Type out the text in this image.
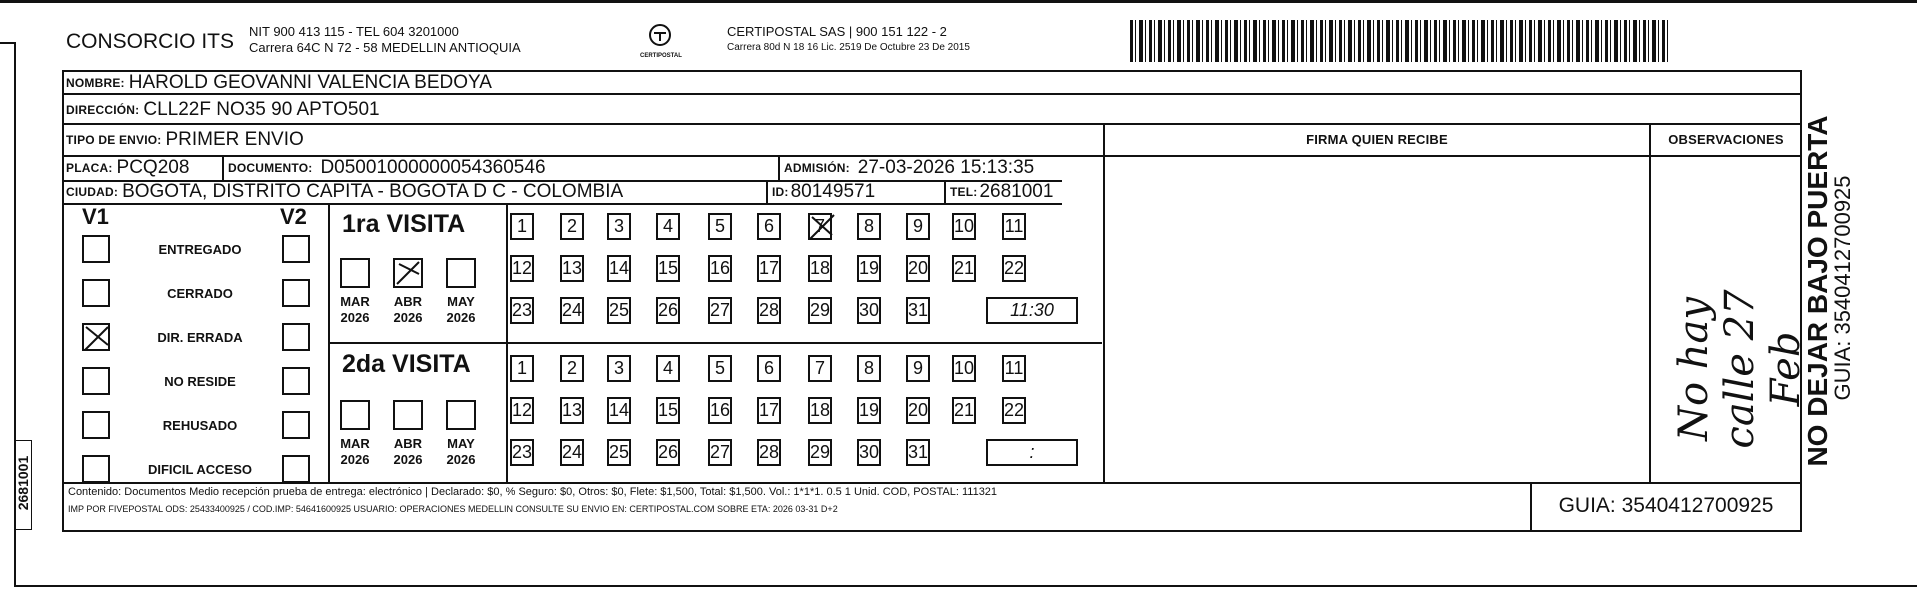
2681001
CONSORCIO ITS NIT 900 413 115 - TEL 604 3201000
Carrera 64C N 72 - 58 MEDELLIN ANTIOQUIA
CERTIPOSTAL
CERTIPOSTAL SAS | 900 151 122 - 2
Carrera 80d N 18 16 Lic. 2519 De Octubre 23 De 2015
NOMBRE: HAROLD GEOVANNI VALENCIA BEDOYA
DIRECCIÓN: CLL22F NO35 90 APTO501
TIPO DE ENVIO: PRIMER ENVIO	FIRMA QUIEN RECIBE	OBSERVACIONES
PLACA: PCQ208	DOCUMENTO: D05001000000054360546	ADMISIÓN: 27-03-2026 15:13:35
CIUDAD: BOGOTA, DISTRITO CAPITA - BOGOTA D C - COLOMBIA	ID: 80149571	TEL: 2681001
V1	V2
ENTREGADO
CERRADO
DIR. ERRADA
NO RESIDE
REHUSADO
DIFICIL ACCESO
1ra VISITA
2da VISITA
MAR
2026
ABR
2026
MAY
2026
1	2	3	4	5	6	7	8	9	10 11
12 13 14 15 16 17 18 19 20 21 22
23 24 25 26 27 28 29 30 31	11:30
MAR
2026
ABR
2026
MAY
2026
1	2	3	4	5	6	7	8	9	10 11
12 13 14 15 16 17 18 19 20 21 22
23 24 25 26 27 28 29 30 31	:
No hay calle 27 Feb
Contenido: Documentos Medio recepción prueba de entrega: electrónico | Declarado: $0, % Seguro: $0, Otros: $0, Flete: $1,500, Total: $1,500. Vol.: 1*1*1. 0.5 1 Unid. COD, POSTAL: 111321
IMP POR FIVEPOSTAL ODS: 25433400925 / COD.IMP: 54641600925 USUARIO: OPERACIONES MEDELLIN CONSULTE SU ENVIO EN: CERTIPOSTAL.COM SOBRE ETA: 2026 03-31 D+2	GUIA: 3540412700925
NO DEJAR BAJO PUERTA
GUIA: 3540412700925
